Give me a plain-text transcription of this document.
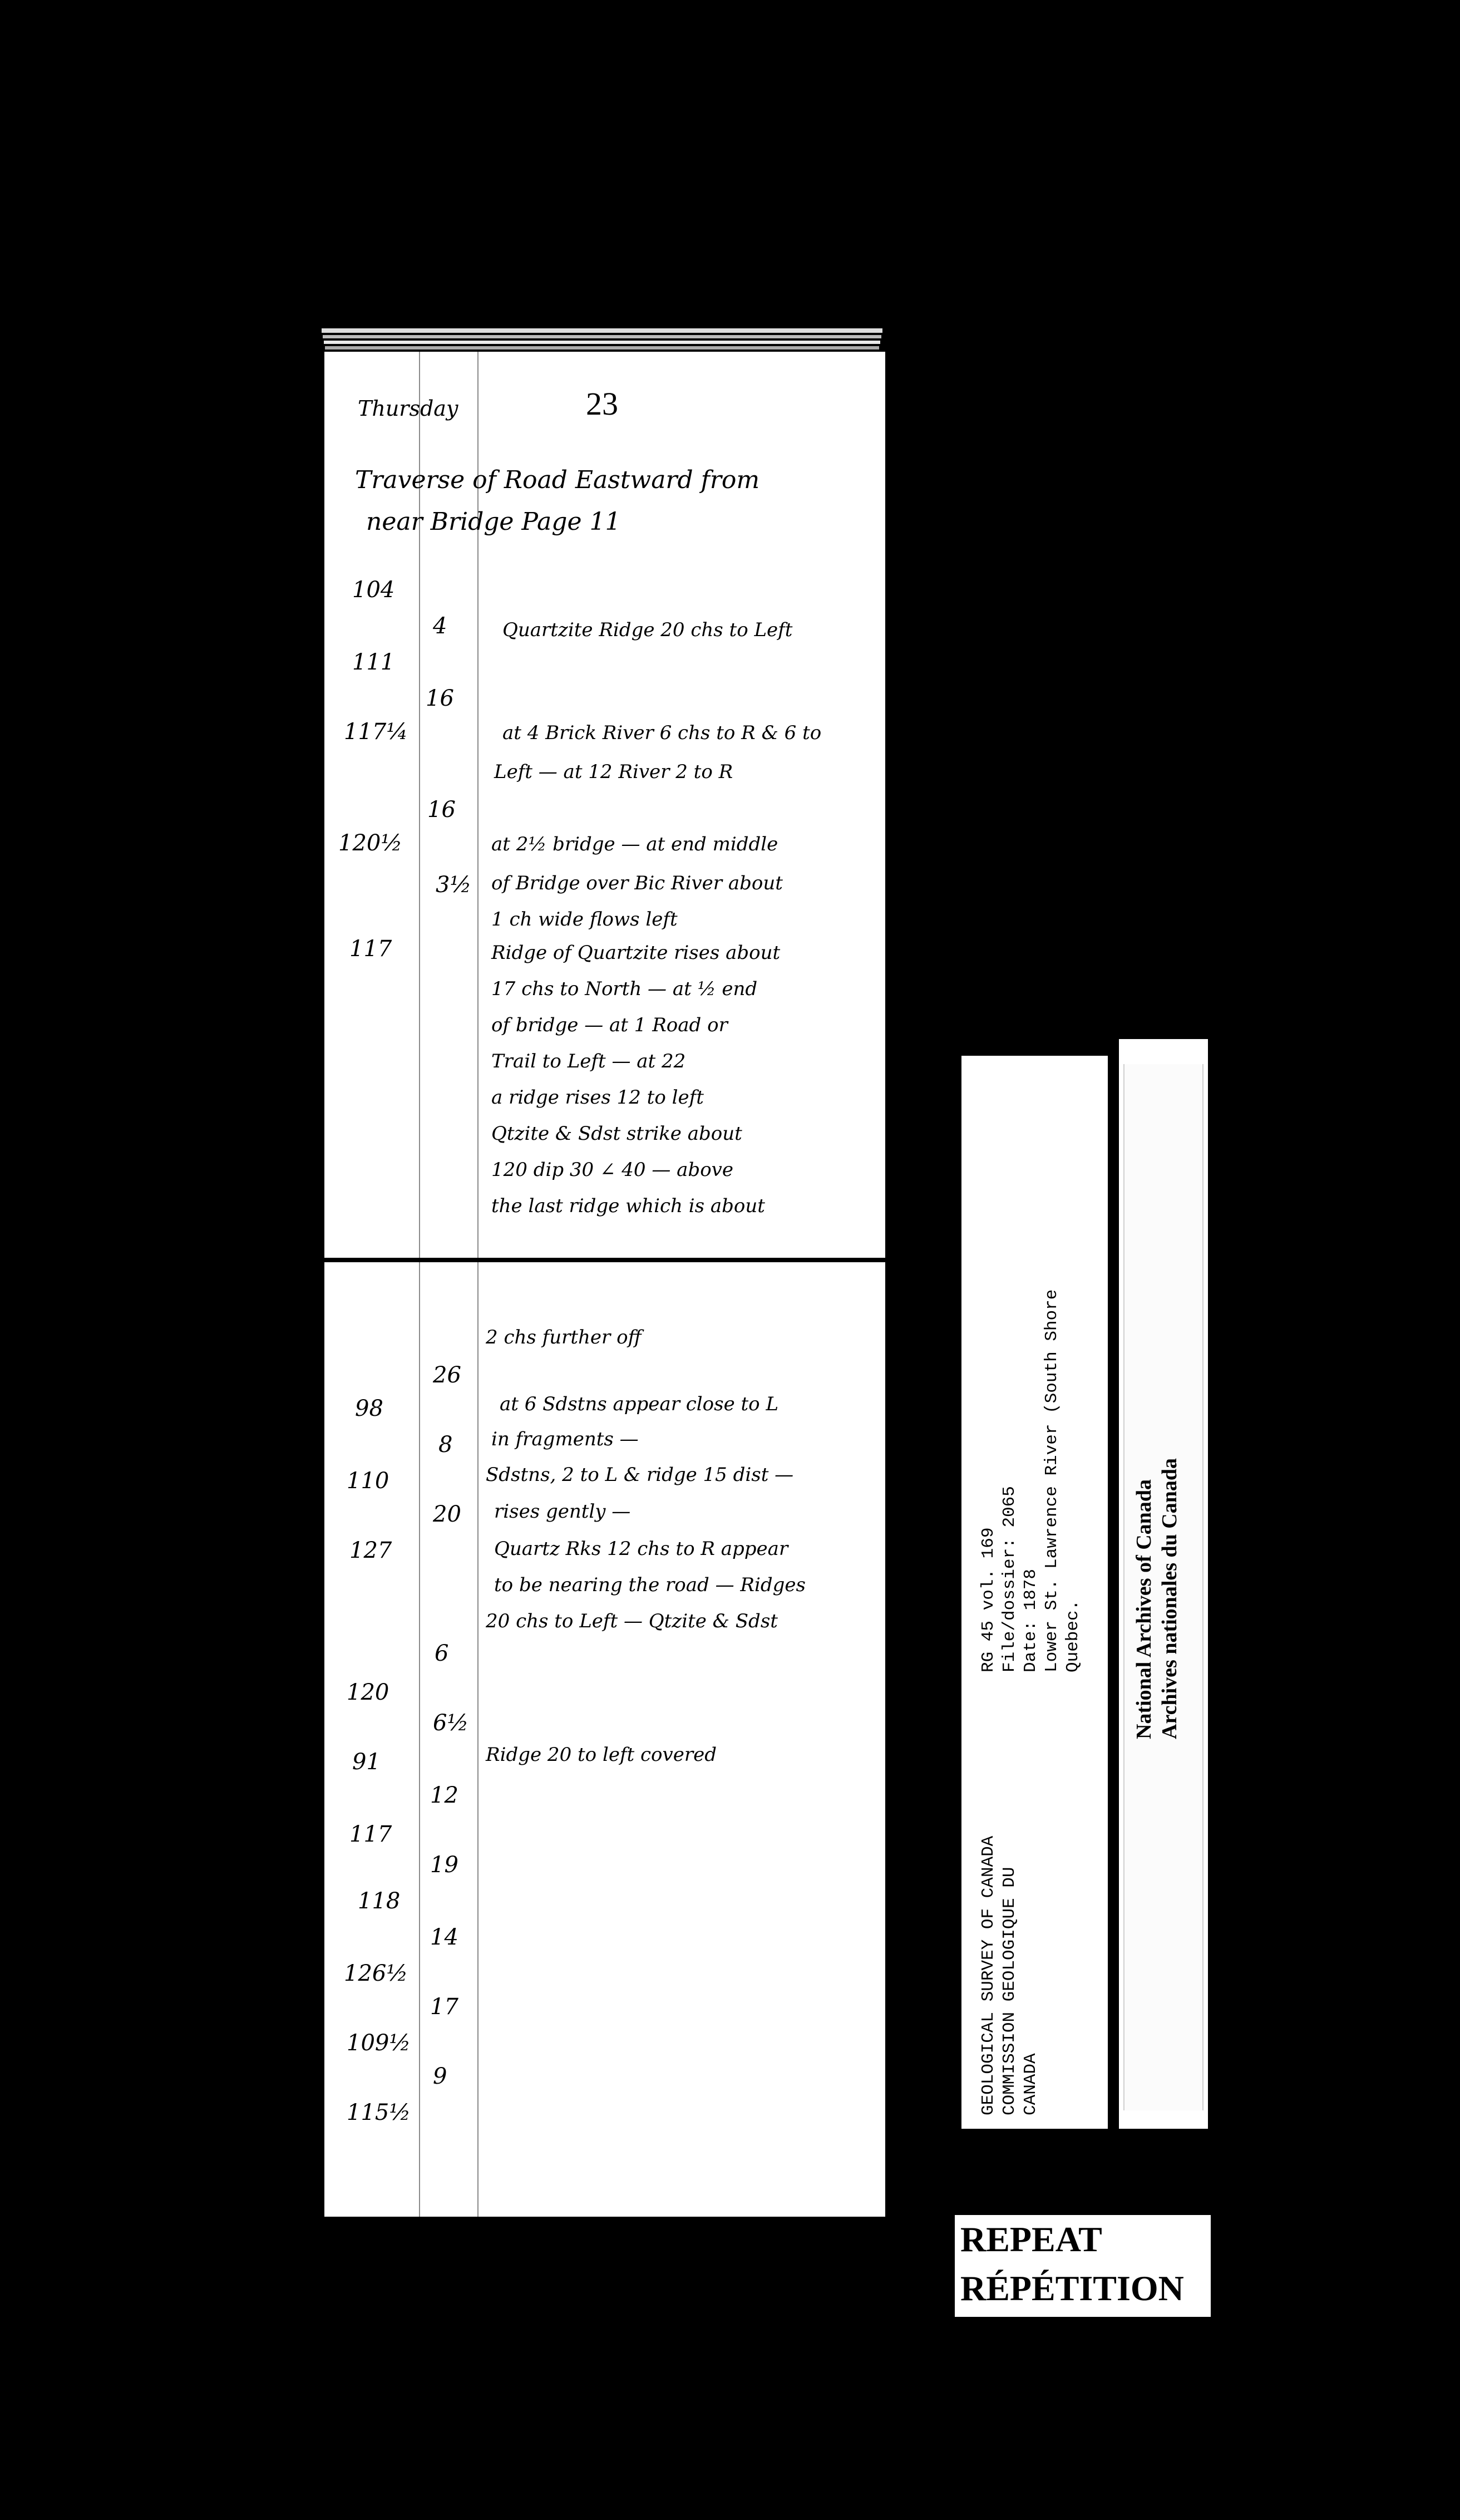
Thursday	23
Traverse of Road Eastward from
near Bridge Page 11
104
111
117¼
120½
117
4
16
16
3½
Quartzite Ridge 20 chs to Left
at 4 Brick River 6 chs to R & 6 to
Left — at 12 River 2 to R
at 2½ bridge — at end middle
of Bridge over Bic River about
1 ch wide flows left
Ridge of Quartzite rises about
17 chs to North — at ½ end
of bridge — at 1 Road or
Trail to Left — at 22
a ridge rises 12 to left
Qtzite & Sdst strike about
120 dip 30 ∠ 40 — above
the last ridge which is about
2 chs further off
at 6 Sdstns appear close to L
in fragments —
Sdstns, 2 to L & ridge 15 dist —
rises gently —
Quartz Rks 12 chs to R appear
to be nearing the road — Ridges
20 chs to Left — Qtzite & Sdst
Ridge 20 to left covered
26
8
20
6
6½
12
19
14
17
9
98
110
127
120
91
117
118
126½
109½
115½	GEOLOGICAL SURVEY OF CANADA COMMISSION GEOLOGIQUE DU CANADA
RG 45 vol. 169 File/dossier: 2065 Date: 1878 Lower St. Lawrence River (South Shore Quebec. National Archives of Canada Archives nationales du Canada
REPEAT
RÉPÉTITION
